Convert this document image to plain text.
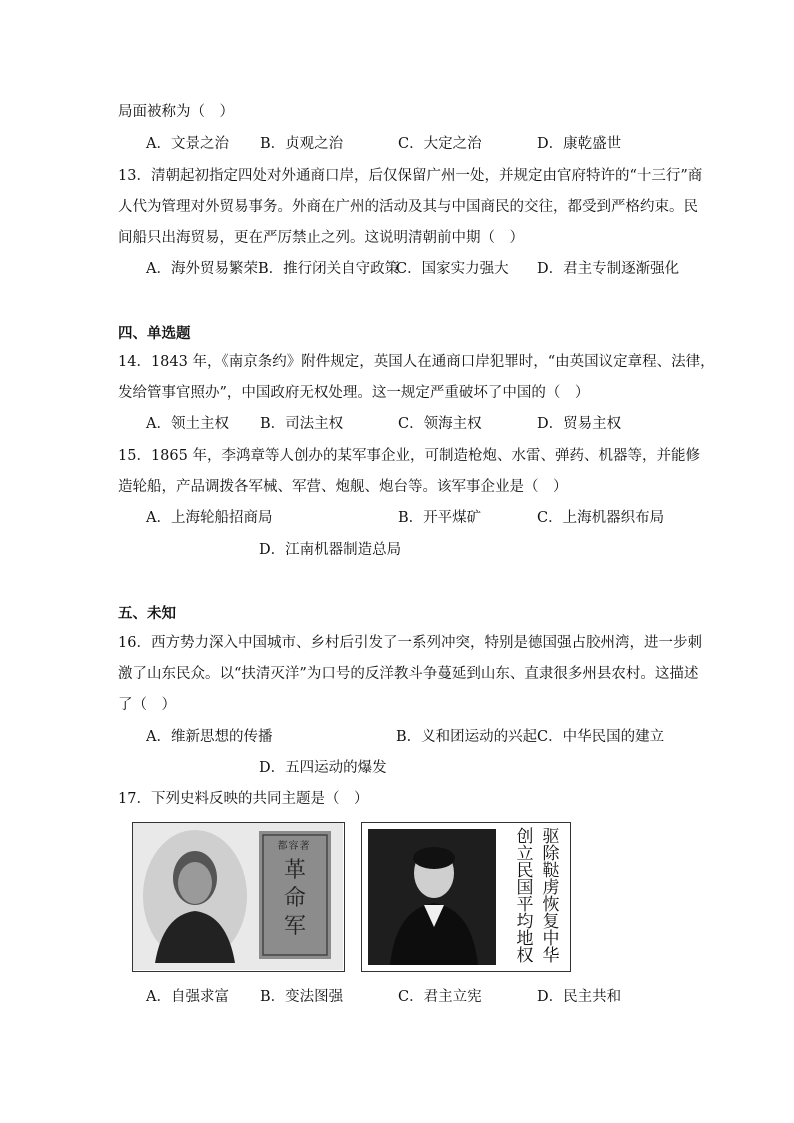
局面被称为（　）
A．文景之治 B．贞观之治	C．大定之治	D．康乾盛世
13．清朝起初指定四处对外通商口岸，后仅保留广州一处，并规定由官府特许的“十三行”商
人代为管理对外贸易事务。外商在广州的活动及其与中国商民的交往，都受到严格约束。民
间船只出海贸易，更在严厉禁止之列。这说明清朝前中期（　）
A．海外贸易繁荣 B．推行闭关自守政策
C．国家实力强大 D．君主专制逐渐强化
四、单选题
14．1843 年，《南京条约》附件规定，英国人在通商口岸犯罪时，“由英国议定章程、法律，
发给管事官照办”，中国政府无权处理。这一规定严重破坏了中国的（　）
A．领土主权 B．司法主权	C．领海主权	D．贸易主权
15．1865 年，李鸿章等人创办的某军事企业，可制造枪炮、水雷、弹药、机器等，并能修
造轮船，产品调拨各军械、军营、炮舰、炮台等。该军事企业是（　）
A．上海轮船招商局	B．开平煤矿	C．上海机器织布局
D．江南机器制造总局
五、未知
16．西方势力深入中国城市、乡村后引发了一系列冲突，特别是德国强占胶州湾，进一步刺
激了山东民众。以“扶清灭洋”为口号的反洋教斗争蔓延到山东、直隶很多州县农村。这描述
了（　）
A．维新思想的传播	B．义和团运动的兴起 C．中华民国的建立
D．五四运动的爆发
17．下列史料反映的共同主题是（　）
都容著
革命军
驱除鞑虏恢复中华
创立民国平均地权
A．自强求富 B．变法图强	C．君主立宪	D．民主共和
